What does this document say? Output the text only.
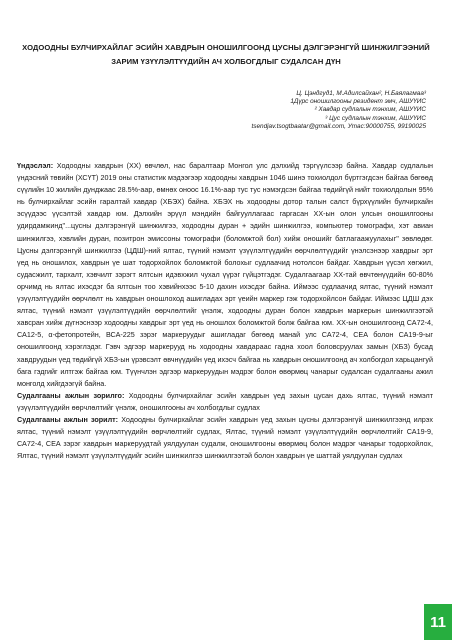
ХОДООДНЫ БУЛЧИРХАЙЛАГ ЭСИЙН ХАВДРЫН ОНОШИЛГООНД ЦУСНЫ ДЭЛГЭРЭНГҮЙ ШИНЖИЛГЭЭНИЙ ЗАРИМ ҮЗҮҮЛЭЛТҮҮДИЙН АЧ ХОЛБОГДЛЫГ СУДАЛСАН ДҮН
Ц. Цэндгуд1, М.Адилсайхан², Н.Баялагмаа³
1Дүрс оношилгооны резидент эмч, АШУҮИС
² Хавдар судлалын тэнхим, АШУҮИС
³ Цус судлалын тэнхим, АШУҮИС
tsendjav.tsogtbaatar@gmail.com, Утас:90000755, 99190025

Үндэслэл: Ходоодны хавдрын (ХХ) өвчлөл, нас баралтаар Монгол улс дэлхийд тэргүүлсээр байна. Хавдар судлалын үндэсний төвийн (ХСҮТ) 2019 оны статистик мэдээгээр ходоодны хавдрын 1046 шинэ тохиолдол бүртгэгдсэн байгаа бөгөөд сүүлийн 10 жилийн дунджаас 28.5%-аар, өмнөх оноос 16.1%-аар тус тус нэмэгдсэн байгаа төдийгүй нийт тохиолдолын 95% нь булчирхайлаг эсийн гаралтай хавдар (ХБЭХ) байна. ХБЭХ нь ходоодны дотор талын салст бүрхүүлийн булчирхайн эсүүдээс үүсэлтэй хавдар юм. Дэлхийн эрүүл мэндийн байгууллагаас гаргасан ХХ-ын олон улсын оношилгооны удирдамжинд"...цусны дэлгэрэнгүй шинжилгээ, ходоодны дуран + эдийн шинжилгээ, компьютер томографи, хэт авиан шинжилгээ, хэвлийн дуран, позитрон эмиссоны томографи (боломжтой бол) хийж оношийг батлагаажуулахыг" зөвлөдөг. Цусны дэлгэрэнгүй шинжилгээ (ЦДШ)-ний ялтас, түүний нэмэлт үзүүлэлтүүдийн өөрчлөлтүүдийг үнэлсэнээр хавдрыг эрт үед нь оношилох, хавдрын үе шат тодорхойлох боломжтой болохыг судлаачид нотолсон байдаг. Хавдрын үүсэл хөгжил, судасжилт, тархалт, хэвчилт зэрэгт ялтсын идэвхжил чухал үүрэг гүйцэтгэдэг. Судалгаагаар ХХ-тай өвчтөнүүдийн 60-80% орчимд нь ялтас ихэсдэг ба ялтсын тоо хэвийнхээс 5-10 дахин ихэсдэг байна. Иймээс судлаачид ялтас, түүний нэмэлт үзүүлэлтүүдийн өөрчлөлт нь хавдрын оношлоход ашигладах эрт үеийн маркер гэж тодорхойлсон байдаг. Иймээс ЦДШ дэх ялтас, түүний нэмэлт үзүүлэлтүүдийн өөрчлөлтийг үнэлж, ходоодны дуран болон хавдрын маркерын шинжилгээтэй хавсран хийж дүгнэснээр ходоодны хавдрыг эрт үед нь оношлох боломжтой болж байгаа юм. ХХ-ын оношилгоонд СА72-4, СА12-5, α-фетопротейн, ВСА-225 зэрэг маркеруудыг ашигладаг бөгөөд манай улс СА72-4, СЕА болон СА19-9-ыг оношилгоонд хэрэглэдэг. Гэвч эдгээр маркерууд нь ходоодны хавдараас гадна хоол боловсруулах замын (ХБЗ) бусад хавдруудын үед төдийгүй ХБЗ-ын үрэвсэлт өвчнүүдийн үед ихэсч байгаа нь хавдрын оношилгоонд ач холбогдол харьцангуй бага гэдгийг илтгэж байгаа юм. Түүнчлэн эдгээр маркеруудын мэдрэг болон өвөрмөц чанарыг судалсан судалгааны ажил монголд хийгдээгүй байна.

Судалгааны ажлын зорилго: Ходоодны булчирхайлаг эсийн хавдрын үед захын цусан дахь ялтас, түүний нэмэлт үзүүлэлтүүдийн өөрчлөлтийг үнэлж, оношилгооны ач холбогдлыг судлах

Судалгааны ажлын зорилт: Ходоодны булчирхайлаг эсийн хавдрын үед захын цусны дэлгэрэнгүй шинжилгээнд илрэх ялтас, түүний нэмэлт үзүүлэлтүүдийн өөрчлөлтийг судлах, Ялтас, түүний нэмэлт үзүүлэлтүүдийн өөрчлөлтийг СА19-9, СА72-4, СЕА зэрэг хавдрын маркеруудтай уялдуулан судалж, оношилгооны өвөрмөц болон мэдрэг чанарыг тодорхойлох, Ялтас, түүний нэмэлт үзүүлэлтүүдийг эсийн шинжилгээ шинжилгээтэй болон хавдрын үе шаттай уялдуулан судлах

11
